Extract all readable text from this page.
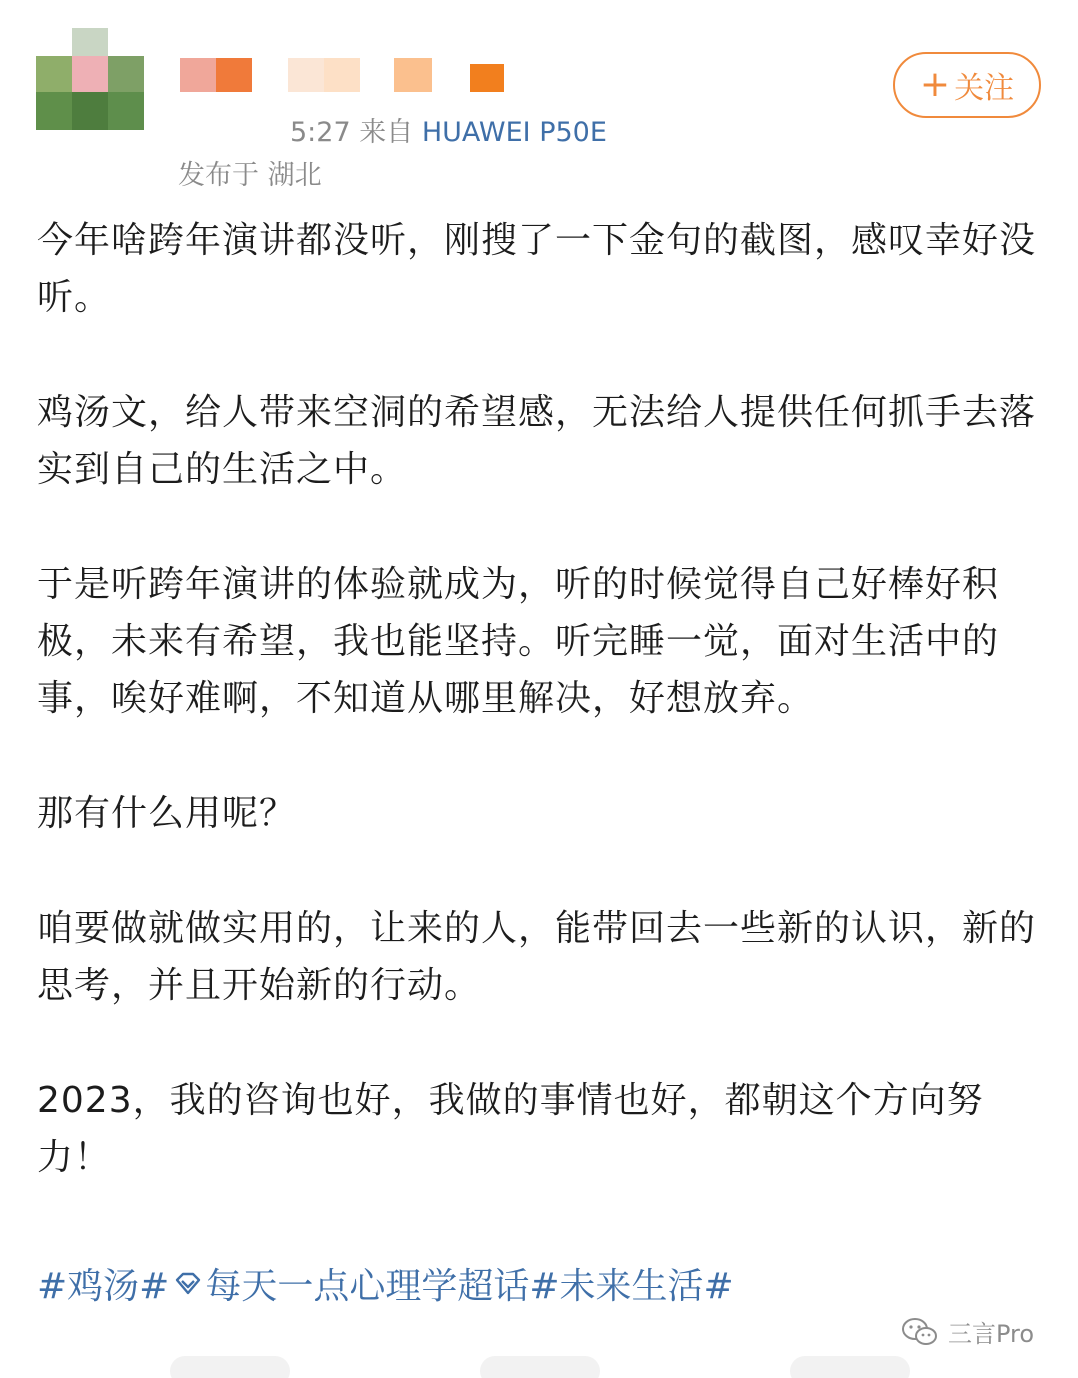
5:27 来自 HUAWEI P50E
发布于 湖北
+ 关注

今年啥跨年演讲都没听，刚搜了一下金句的截图，感叹幸好没听。

鸡汤文，给人带来空洞的希望感，无法给人提供任何抓手去落实到自己的生活之中。

于是听跨年演讲的体验就成为，听的时候觉得自己好棒好积极，未来有希望，我也能坚持。听完睡一觉，面对生活中的事，唉好难啊，不知道从哪里解决，好想放弃。

那有什么用呢？

咱要做就做实用的，让来的人，能带回去一些新的认识，新的思考，并且开始新的行动。

2023，我的咨询也好，我做的事情也好，都朝这个方向努力！

#鸡汤# 每天一点心理学超话# 未来生活#
三言Pro
